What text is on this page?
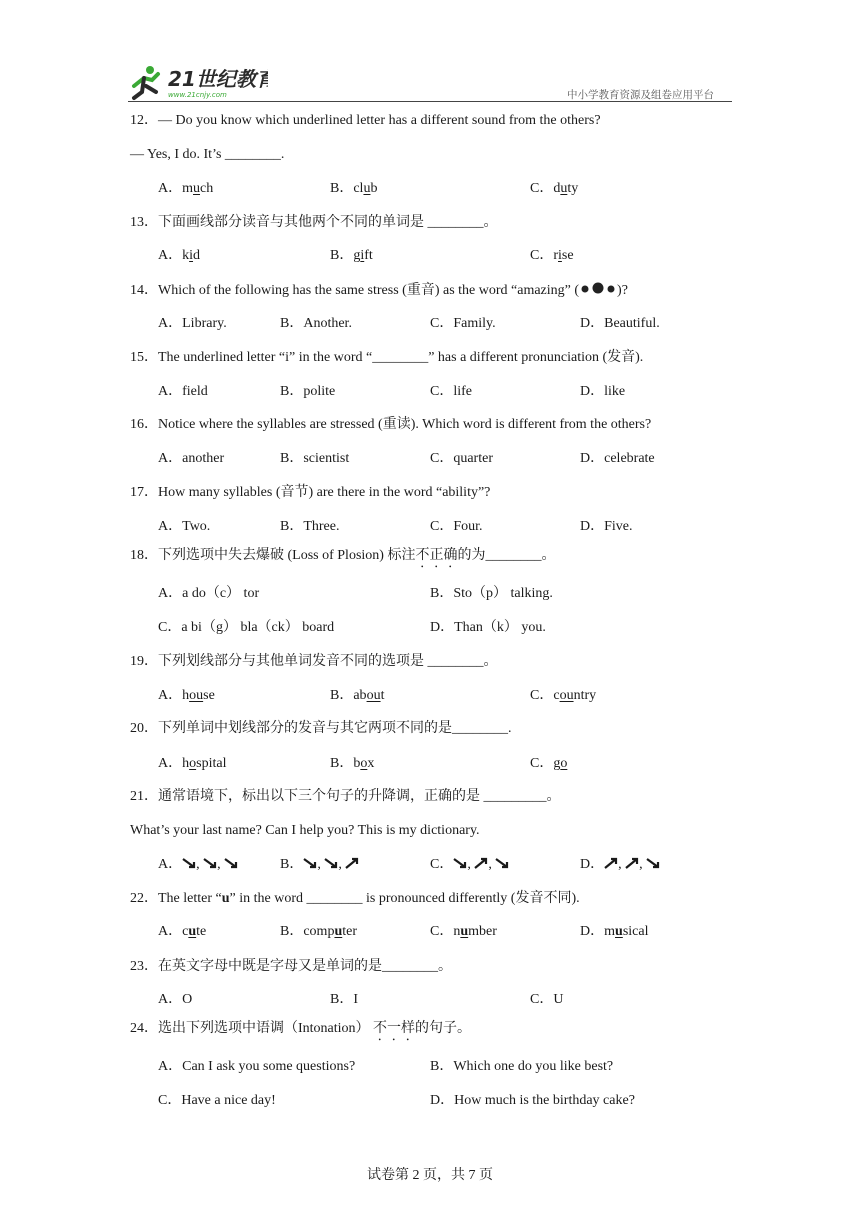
21世纪教育
www.21cnjy.com	中小学教育资源及组卷应用平台
12．— Do you know which underlined letter has a different sound from the others?
— Yes, I do. It’s ________.
A．much	B．club	C．duty
13．下面画线部分读音与其他两个不同的单词是 ________。
A．kid	B．gift	C．rise
14．Which of the following has the same stress (重音) as the word “amazing” (	)?
A．Library.	B．Another.	C．Family.	D．Beautiful.
15．The underlined letter “i” in the word “________” has a different pronunciation (发音).
A．field	B．polite	C．life	D．like
16．Notice where the syllables are stressed (重读). Which word is different from the others?
A．another	B．scientist	C．quarter	D．celebrate
17．How many syllables (音节) are there in the word “ability”?
A．Two.	B．Three.	C．Four.	D．Five.
18．下列选项中失去爆破 (Loss of Plosion) 标注不正确的为________。
A．a do（c） tor	B．Sto（p） talking.
C．a bi（g） bla（ck） board	D．Than（k） you.
19．下列划线部分与其他单词发音不同的选项是 ________。
A．house	B．about	C．country
20．下列单词中划线部分的发音与其它两项不同的是________.
A．hospital	B．box	C．go
21．通常语境下，标出以下三个句子的升降调，正确的是 _________。
What’s your last name? Can I help you? This is my dictionary.
A． , ,	B． , ,	C． , ,	D． , ,
22．The letter “u” in the word ________ is pronounced differently (发音不同).
A．cute	B．computer	C．number	D．musical
23．在英文字母中既是字母又是单词的是________。
A．O	B．I	C．U
24．选出下列选项中语调（Intonation） 不一样的句子。
A．Can I ask you some questions?	B．Which one do you like best?
C．Have a nice day!	D．How much is the birthday cake?
试卷第 2 页，共 7 页
